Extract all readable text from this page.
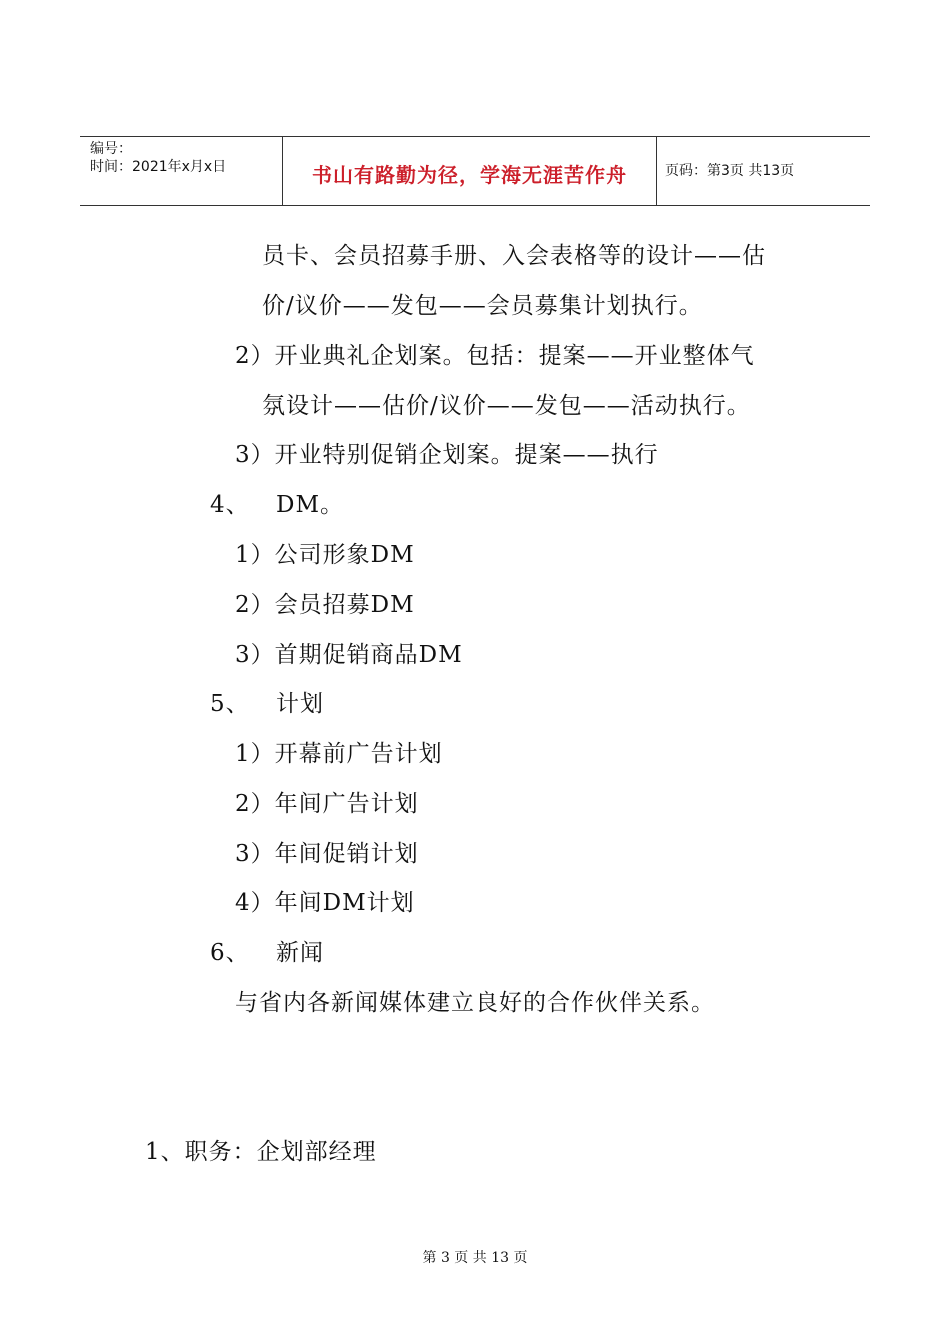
编号：
时间：2021年x月x日	书山有路勤为径，学海无涯苦作舟	页码：第3页 共13页
员卡、会员招募手册、入会表格等的设计——估
价/议价——发包——会员募集计划执行。
2）开业典礼企划案。包括：提案——开业整体气
氛设计——估价/议价——发包——活动执行。
3）开业特别促销企划案。提案——执行
4、 DM。
1）公司形象DM
2）会员招募DM
3）首期促销商品DM
5、 计划
1）开幕前广告计划
2）年间广告计划
3）年间促销计划
4）年间DM计划
6、 新闻
与省内各新闻媒体建立良好的合作伙伴关系。
1、职务：企划部经理
第 3 页 共 13 页
